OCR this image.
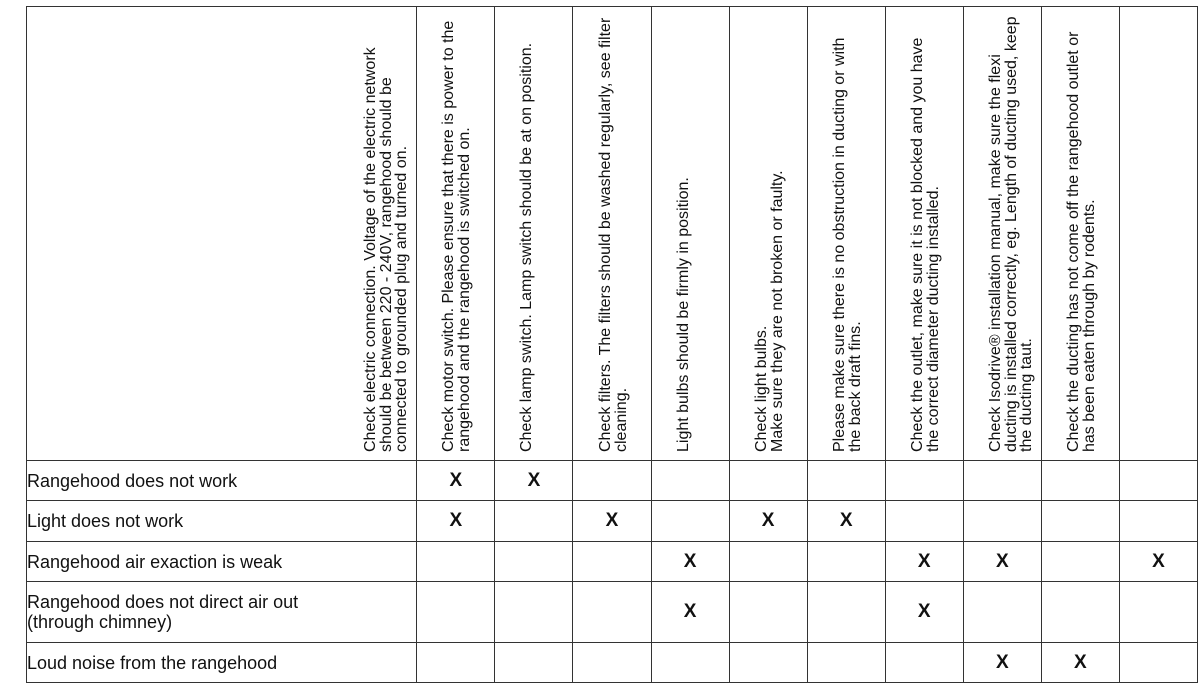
	Check electric connection. Voltage of the electric network should be between 220 - 240V, rangehood should be connected to grounded plug and turned on.	Check motor switch. Please ensure that there is power to the rangehood and the rangehood is switched on.	Check lamp switch. Lamp switch should be at on position.	Check filters. The filters should be washed regularly, see filter cleaning.	Light bulbs should be firmly in position.	Check light bulbs.
Make sure they are not broken or faulty.	Please make sure there is no obstruction in ducting or with the back draft fins.	Check the outlet, make sure it is not blocked and you have the correct diameter ducting installed.	Check Isodrive® installation manual, make sure the flexi ducting is installed correctly, eg. Length of ducting used, keep the ducting taut.	Check the ducting has not come off the rangehood outlet or has been eaten through by rodents.

Rangehood does not work	X	X								
Light does not work	X		X		X	X				
Rangehood air exaction is weak				X			X	X		X
Rangehood does not direct air out
(through chimney)				X			X			
Loud noise from the rangehood								X	X	
